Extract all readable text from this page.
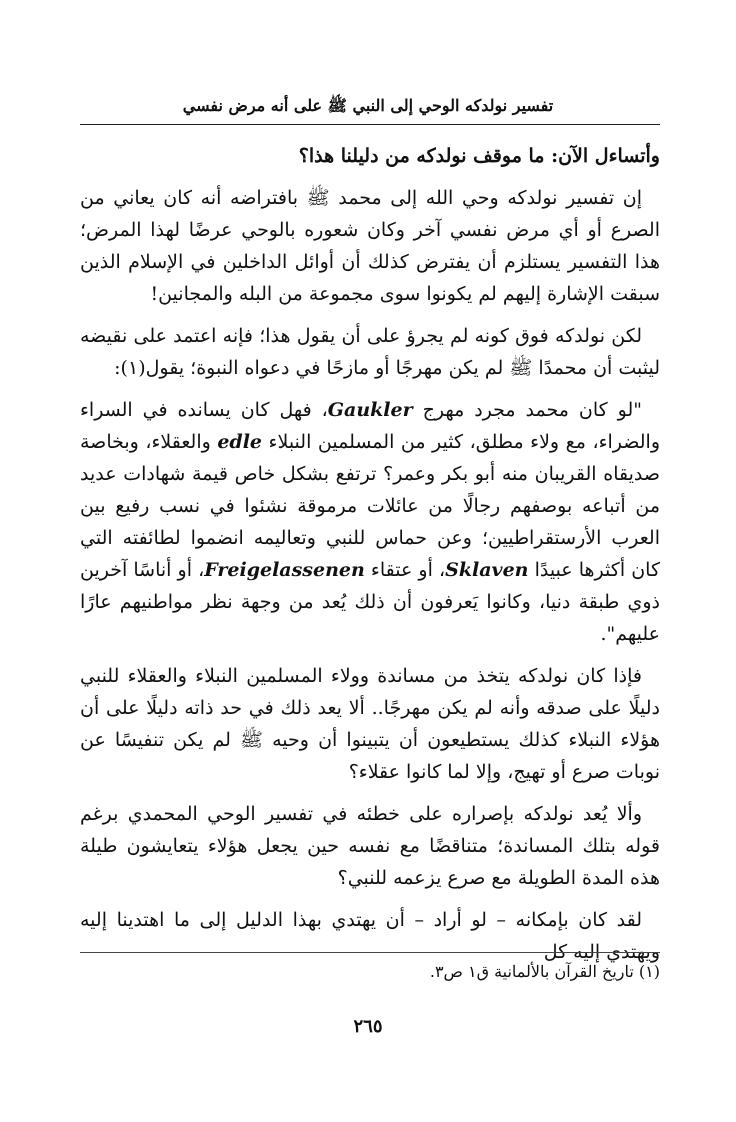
تفسير نولدكه الوحي إلى النبي ﷺ على أنه مرض نفسي

وأتساءل الآن: ما موقف نولدكه من دليلنا هذا؟

إن تفسير نولدكه وحي الله إلى محمد ﷺ بافتراضه أنه كان يعاني من الصرع أو أي مرض نفسي آخر وكان شعوره بالوحي عرضًا لهذا المرض؛ هذا التفسير يستلزم أن يفترض كذلك أن أوائل الداخلين في الإسلام الذين سبقت الإشارة إليهم لم يكونوا سوى مجموعة من البله والمجانين!

لكن نولدكه فوق كونه لم يجرؤ على أن يقول هذا؛ فإنه اعتمد على نقيضه ليثبت أن محمدًا ﷺ لم يكن مهرجًا أو مازحًا في دعواه النبوة؛ يقول(١):

"لو كان محمد مجرد مهرج Gaukler، فهل كان يسانده في السراء والضراء، مع ولاء مطلق، كثير من المسلمين النبلاء edle والعقلاء، وبخاصة صديقاه القريبان منه أبو بكر وعمر؟ ترتفع بشكل خاص قيمة شهادات عديد من أتباعه بوصفهم رجالًا من عائلات مرموقة نشئوا في نسب رفيع بين العرب الأرستقراطيين؛ وعن حماس للنبي وتعاليمه انضموا لطائفته التي كان أكثرها عبيدًا Sklaven، أو عتقاء Freigelassenen، أو أناسًا آخرين ذوي طبقة دنيا، وكانوا يَعرفون أن ذلك يُعد من وجهة نظر مواطنيهم عارًا عليهم".

فإذا كان نولدكه يتخذ من مساندة وولاء المسلمين النبلاء والعقلاء للنبي دليلًا على صدقه وأنه لم يكن مهرجًا.. ألا يعد ذلك في حد ذاته دليلًا على أن هؤلاء النبلاء كذلك يستطيعون أن يتبينوا أن وحيه ﷺ لم يكن تنفيسًا عن نوبات صرع أو تهيج، وإلا لما كانوا عقلاء؟

وألا يُعد نولدكه بإصراره على خطئه في تفسير الوحي المحمدي برغم قوله بتلك المساندة؛ متناقضًا مع نفسه حين يجعل هؤلاء يتعايشون طيلة هذه المدة الطويلة مع صرع يزعمه للنبي؟

لقد كان بإمكانه – لو أراد – أن يهتدي بهذا الدليل إلى ما اهتدينا إليه ويهتدي إليه كل

(١) تاريخ القرآن بالألمانية ق١ ص٣.
٢٦٥
